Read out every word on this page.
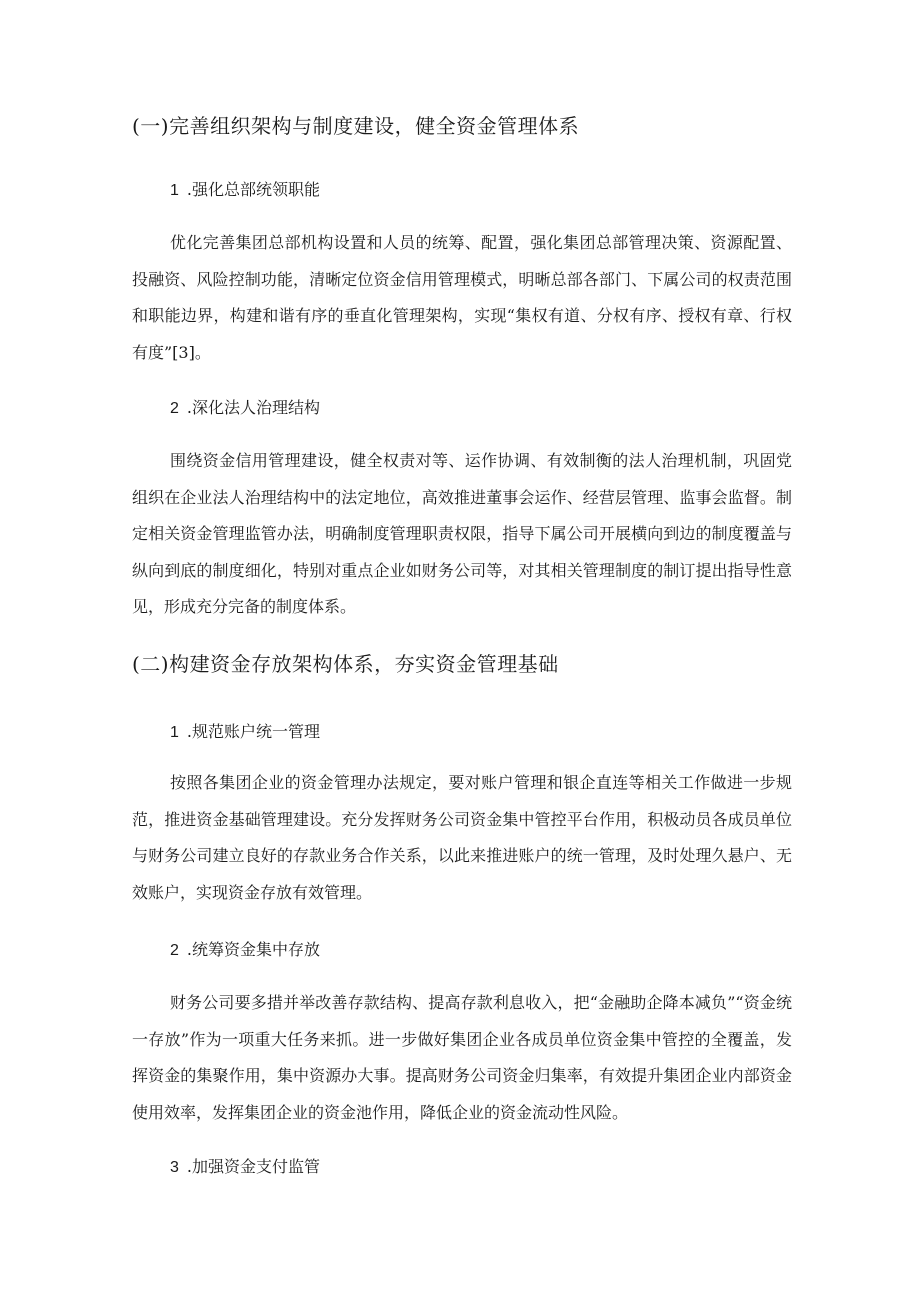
(一)完善组织架构与制度建设，健全资金管理体系
1 .强化总部统领职能

优化完善集团总部机构设置和人员的统筹、配置，强化集团总部管理决策、资源配置、投融资、风险控制功能，清晰定位资金信用管理模式，明晰总部各部门、下属公司的权责范围和职能边界，构建和谐有序的垂直化管理架构，实现“集权有道、分权有序、授权有章、行权有度”[3]。

2 .深化法人治理结构

围绕资金信用管理建设，健全权责对等、运作协调、有效制衡的法人治理机制，巩固党组织在企业法人治理结构中的法定地位，高效推进董事会运作、经营层管理、监事会监督。制定相关资金管理监管办法，明确制度管理职责权限，指导下属公司开展横向到边的制度覆盖与纵向到底的制度细化，特别对重点企业如财务公司等，对其相关管理制度的制订提出指导性意见，形成充分完备的制度体系。

(二)构建资金存放架构体系，夯实资金管理基础
1 .规范账户统一管理

按照各集团企业的资金管理办法规定，要对账户管理和银企直连等相关工作做进一步规范，推进资金基础管理建设。充分发挥财务公司资金集中管控平台作用，积极动员各成员单位与财务公司建立良好的存款业务合作关系，以此来推进账户的统一管理，及时处理久悬户、无效账户，实现资金存放有效管理。

2 .统筹资金集中存放

财务公司要多措并举改善存款结构、提高存款利息收入，把“金融助企降本减负”“资金统一存放”作为一项重大任务来抓。进一步做好集团企业各成员单位资金集中管控的全覆盖，发挥资金的集聚作用，集中资源办大事。提高财务公司资金归集率，有效提升集团企业内部资金使用效率，发挥集团企业的资金池作用，降低企业的资金流动性风险。

3 .加强资金支付监管
